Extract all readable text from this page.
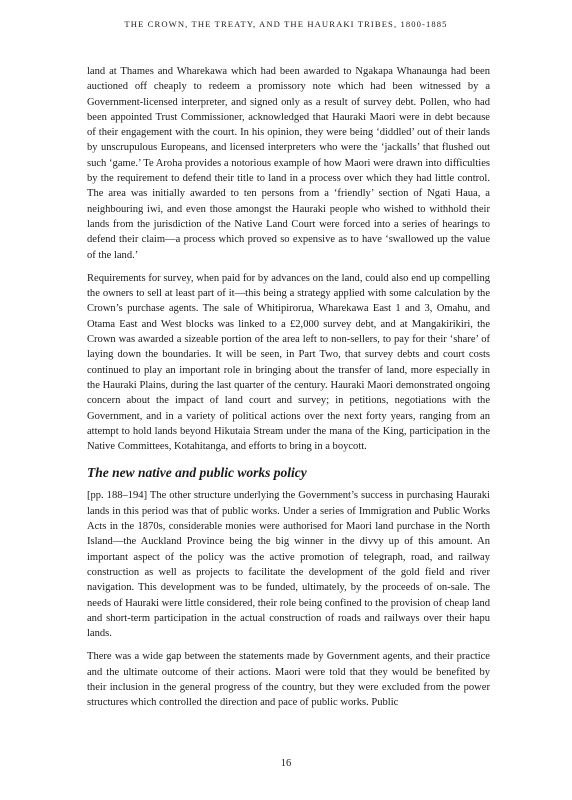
THE CROWN, THE TREATY, AND THE HAURAKI TRIBES, 1800-1885

land at Thames and Wharekawa which had been awarded to Ngakapa Whanaunga had been auctioned off cheaply to redeem a promissory note which had been witnessed by a Government-licensed interpreter, and signed only as a result of survey debt. Pollen, who had been appointed Trust Commissioner, acknowledged that Hauraki Maori were in debt because of their engagement with the court. In his opinion, they were being ‘diddled’ out of their lands by unscrupulous Europeans, and licensed interpreters who were the ‘jackalls’ that flushed out such ‘game.’ Te Aroha provides a notorious example of how Maori were drawn into difficulties by the requirement to defend their title to land in a process over which they had little control. The area was initially awarded to ten persons from a ‘friendly’ section of Ngati Haua, a neighbouring iwi, and even those amongst the Hauraki people who wished to withhold their lands from the jurisdiction of the Native Land Court were forced into a series of hearings to defend their claim—a process which proved so expensive as to have ‘swallowed up the value of the land.’

Requirements for survey, when paid for by advances on the land, could also end up compelling the owners to sell at least part of it—this being a strategy applied with some calculation by the Crown’s purchase agents. The sale of Whitipirorua, Wharekawa East 1 and 3, Omahu, and Otama East and West blocks was linked to a £2,000 survey debt, and at Mangakirikiri, the Crown was awarded a sizeable portion of the area left to non-sellers, to pay for their ‘share’ of laying down the boundaries. It will be seen, in Part Two, that survey debts and court costs continued to play an important role in bringing about the transfer of land, more especially in the Hauraki Plains, during the last quarter of the century. Hauraki Maori demonstrated ongoing concern about the impact of land court and survey; in petitions, negotiations with the Government, and in a variety of political actions over the next forty years, ranging from an attempt to hold lands beyond Hikutaia Stream under the mana of the King, participation in the Native Committees, Kotahitanga, and efforts to bring in a boycott.

The new native and public works policy

[pp. 188–194] The other structure underlying the Government’s success in purchasing Hauraki lands in this period was that of public works. Under a series of Immigration and Public Works Acts in the 1870s, considerable monies were authorised for Maori land purchase in the North Island—the Auckland Province being the big winner in the divvy up of this amount. An important aspect of the policy was the active promotion of telegraph, road, and railway construction as well as projects to facilitate the development of the gold field and river navigation. This development was to be funded, ultimately, by the proceeds of on-sale. The needs of Hauraki were little considered, their role being confined to the provision of cheap land and short-term participation in the actual construction of roads and railways over their hapu lands.

There was a wide gap between the statements made by Government agents, and their practice and the ultimate outcome of their actions. Maori were told that they would be benefited by their inclusion in the general progress of the country, but they were excluded from the power structures which controlled the direction and pace of public works. Public

16
